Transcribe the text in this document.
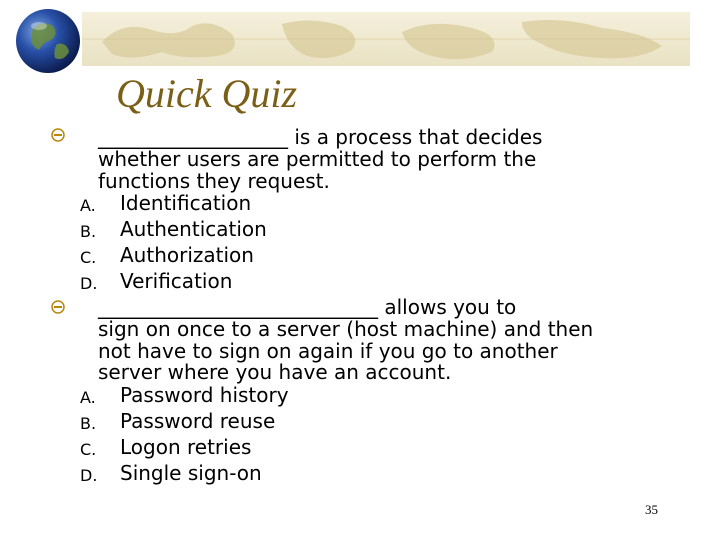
Quick Quiz
___________________ is a process that decides
whether users are permitted to perform the
functions they request.
A. Identification
B. Authentication
C. Authorization
D. Verification
____________________________ allows you to
sign on once to a server (host machine) and then
not have to sign on again if you go to another
server where you have an account.
A. Password history
B. Password reuse
C. Logon retries
D. Single sign-on
35
